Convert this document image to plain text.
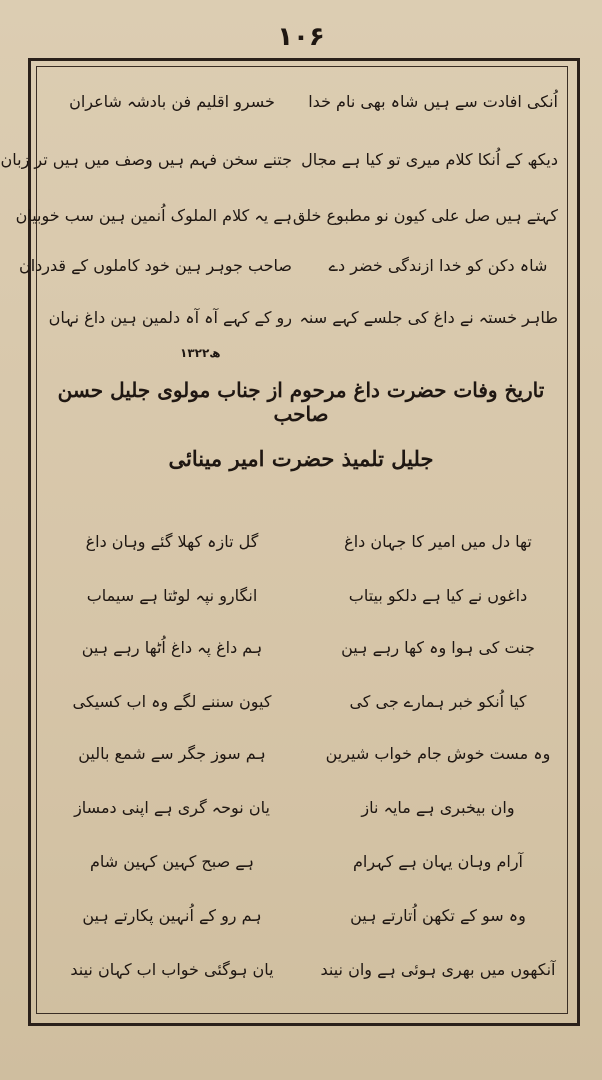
۱۰۶
اُنکی افادت سے ہیں شاہ بھی نام خدا
خسرو اقلیم فن بادشہ شاعران
دیکھ کے اُنکا کلام میری تو کیا ہے مجال
جتنے سخن فہم ہیں وصف میں ہیں تر زبان
کہتے ہیں صل علی کیون نو مطبوع خلق
ہے یہ کلام الملوک اُنمین ہین سب خوبیان
شاہ دکن کو خدا ازندگی خضر دے
صاحب جوہر ہین خود کاملوں کے قدردان
طاہر خستہ نے داغ کی جلسے کہے سنہ
رو کے کہے آہ آہ دلمین ہین داغ نہان
۱۳۲۲ھ
تاریخ وفات حضرت داغ مرحوم از جناب مولوی جلیل حسن صاحب
جلیل تلمیذ حضرت امیر مینائی
تھا دل میں امیر کا جہان داغ
گل تازہ کھلا گئے وہان داغ
داغوں نے کیا ہے دلکو بیتاب
انگارو نپہ لوٹتا ہے سیماب
جنت کی ہوا وہ کھا رہے ہین
ہم داغ پہ داغ اُٹھا رہے ہین
کیا اُنکو خبر ہمارے جی کی
کیون سننے لگے وہ اب کسیکی
وہ مست خوش جام خواب شیرین
ہم سوز جگر سے شمع بالین
وان بیخبری ہے مایہ ناز
یان نوحہ گری ہے اپنی دمساز
آرام وہان یہان ہے کہرام
ہے صبح کہین کہین شام
وہ سو کے تکھن اُتارتے ہین
ہم رو کے اُنہین پکارتے ہین
آنکھوں میں بھری ہوئی ہے وان نیند
یان ہوگئی خواب اب کہان نیند
